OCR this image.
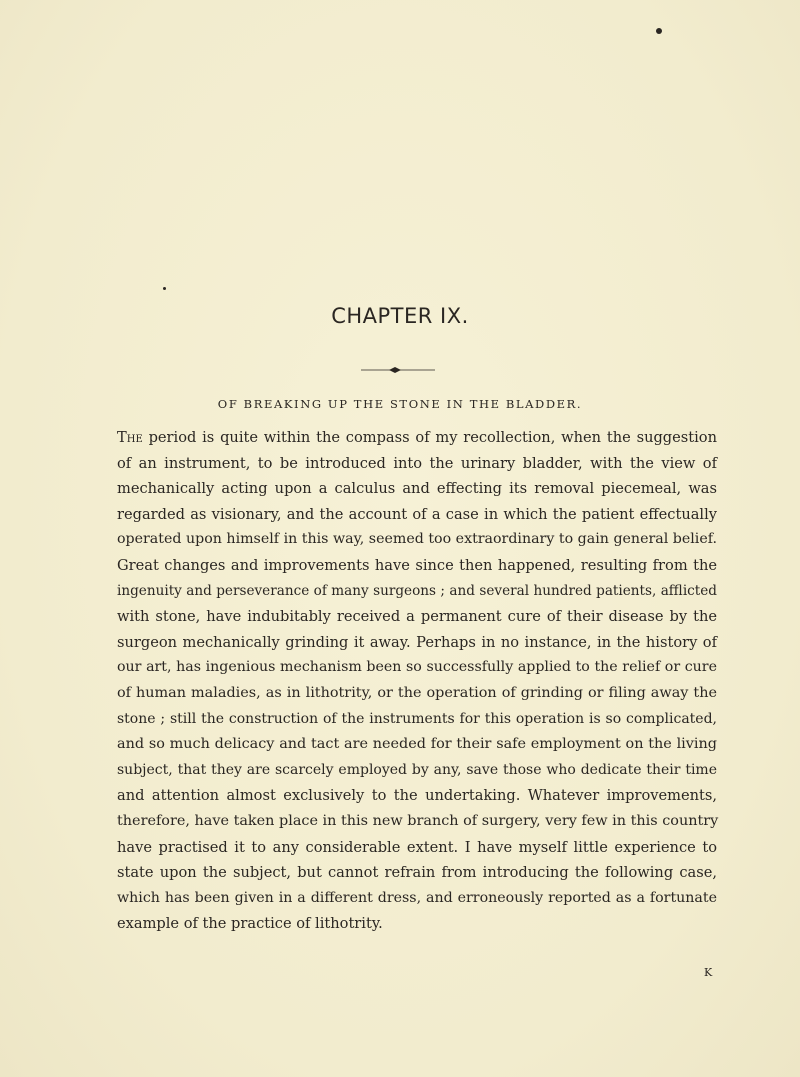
CHAPTER IX.
OF BREAKING UP THE STONE IN THE BLADDER.
The period is quite within the compass of my recollection, when the suggestion
of an instrument, to be introduced into the urinary bladder, with the view of
mechanically acting upon a calculus and effecting its removal piecemeal, was
regarded as visionary, and the account of a case in which the patient effectually
operated upon himself in this way, seemed too extraordinary to gain general belief.
Great changes and improvements have since then happened, resulting from the
ingenuity and perseverance of many surgeons ; and several hundred patients, afflicted
with stone, have indubitably received a permanent cure of their disease by the
surgeon mechanically grinding it away. Perhaps in no instance, in the history of
our art, has ingenious mechanism been so successfully applied to the relief or cure
of human maladies, as in lithotrity, or the operation of grinding or filing away the
stone ; still the construction of the instruments for this operation is so complicated,
and so much delicacy and tact are needed for their safe employment on the living
subject, that they are scarcely employed by any, save those who dedicate their time
and attention almost exclusively to the undertaking. Whatever improvements,
therefore, have taken place in this new branch of surgery, very few in this country
have practised it to any considerable extent. I have myself little experience to
state upon the subject, but cannot refrain from introducing the following case,
which has been given in a different dress, and erroneously reported as a fortunate
example of the practice of lithotrity.
K
